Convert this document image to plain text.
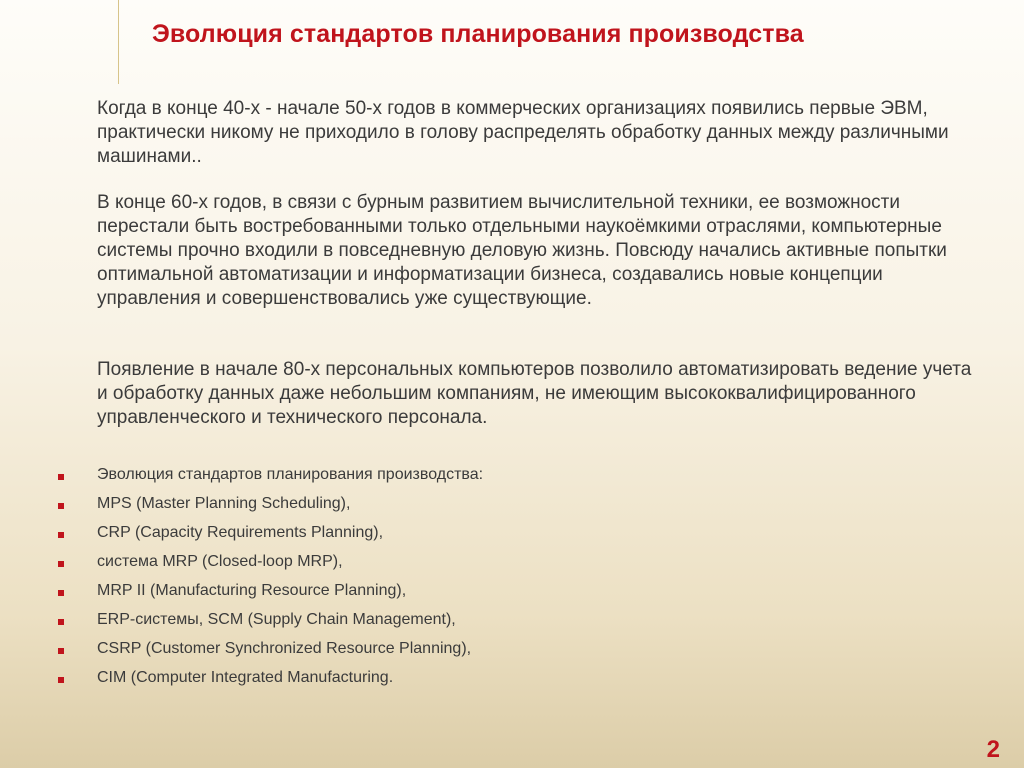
Эволюция стандартов планирования производства

Когда в конце 40-х - начале 50-х годов в коммерческих организациях появились первые ЭВМ, практически никому не приходило в голову распределять обработку данных между различными машинами..

В конце 60-х годов, в связи с бурным развитием вычислительной техники, ее возможности перестали быть востребованными только отдельными наукоёмкими отраслями, компьютерные системы прочно входили в повседневную деловую жизнь. Повсюду начались активные попытки оптимальной автоматизации и информатизации бизнеса, создавались новые концепции управления и совершенствовались уже существующие.

Появление в начале 80-х персональных компьютеров позволило автоматизировать ведение учета и обработку данных даже небольшим компаниям, не имеющим высококвалифицированного управленческого и технического персонала.

Эволюция стандартов планирования производства:
MPS (Master Planning Scheduling),
CRP (Capacity Requirements Planning),
система MRP (Closed-loop MRP),
MRP II (Manufacturing Resource Planning),
ERP-системы, SCM (Supply Chain Management),
CSRP (Customer Synchronized Resource Planning),
CIM (Computer Integrated Manufacturing.
2
